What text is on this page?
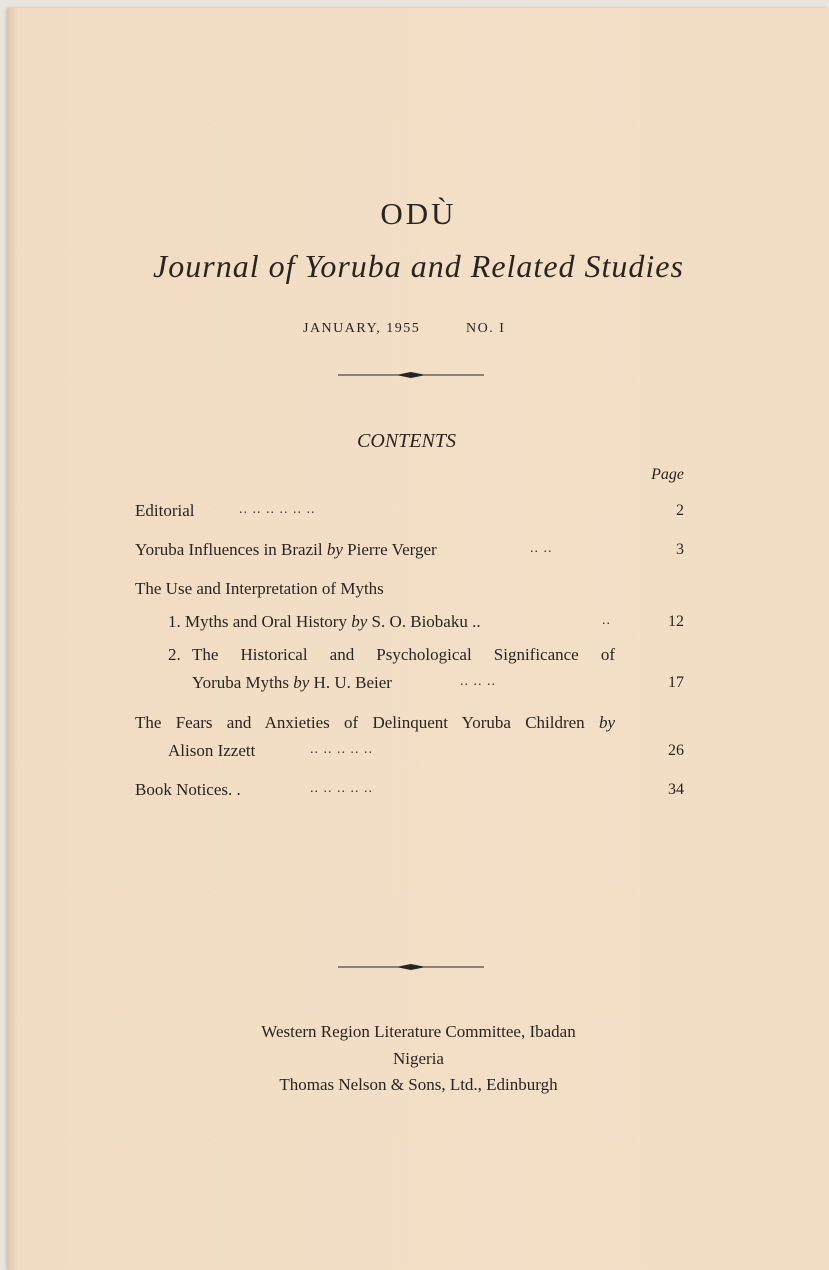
ODÙ
Journal of Yoruba and Related Studies
JANUARY, 1955	NO. I
CONTENTS
Page
Editorial	.. .. .. .. .. ..	2
Yoruba Influences in Brazil by Pierre Verger	.. ..	3
The Use and Interpretation of Myths
1. Myths and Oral History by S. O. Biobaku ..	..	12
2. The Historical and Psychological Significance of
Yoruba Myths by H. U. Beier	.. .. ..	17
The Fears and Anxieties of Delinquent Yoruba Children by
Alison Izzett	.. .. .. .. ..	26
Book Notices. .	.. .. .. .. ..	34
Western Region Literature Committee, Ibadan
Nigeria
Thomas Nelson & Sons, Ltd., Edinburgh
